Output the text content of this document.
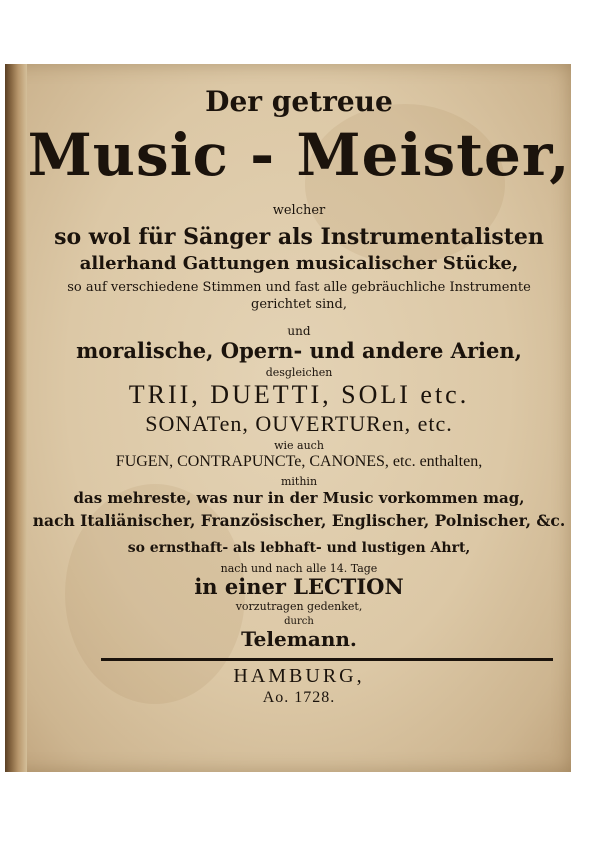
Der getreue
Music - Meister,
welcher
so wol für Sänger als Instrumentalisten
allerhand Gattungen musicalischer Stücke,
so auf verschiedene Stimmen und fast alle gebräuchliche Instrumente
gerichtet sind,
und
moralische, Opern- und andere Arien,
desgleichen
TRII, DUETTI, SOLI etc.
SONATen, OUVERTURen, etc.
wie auch
FUGEN, CONTRAPUNCTe, CANONES, etc. enthalten,
mithin
das mehreste, was nur in der Music vorkommen mag,
nach Italiänischer, Französischer, Englischer, Polnischer, &c.
so ernsthaft- als lebhaft- und lustigen Ahrt,
nach und nach alle 14. Tage
in einer LECTION
vorzutragen gedenket,
durch
Telemann.
HAMBURG,
Ao. 1728.
